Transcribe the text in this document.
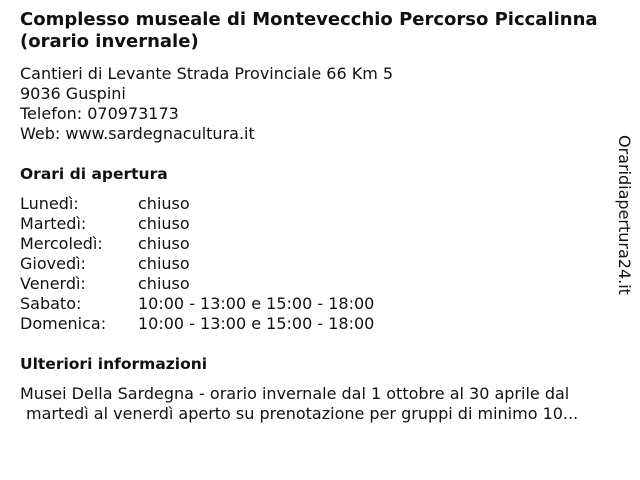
Complesso museale di Montevecchio Percorso Piccalinna (orario invernale)
Cantieri di Levante Strada Provinciale 66 Km 5
9036 Guspini
Telefon: 070973173
Web: www.sardegnacultura.it
Orari di apertura
Lunedì:	chiuso
Martedì:	chiuso
Mercoledì:	chiuso
Giovedì:	chiuso
Venerdì:	chiuso
Sabato:	10:00 - 13:00 e 15:00 - 18:00
Domenica:	10:00 - 13:00 e 15:00 - 18:00
Ulteriori informazioni
Musei Della Sardegna - orario invernale dal 1 ottobre al 30 aprile dal
martedì al venerdì aperto su prenotazione per gruppi di minimo 10...
Oraridiapertura24.it
